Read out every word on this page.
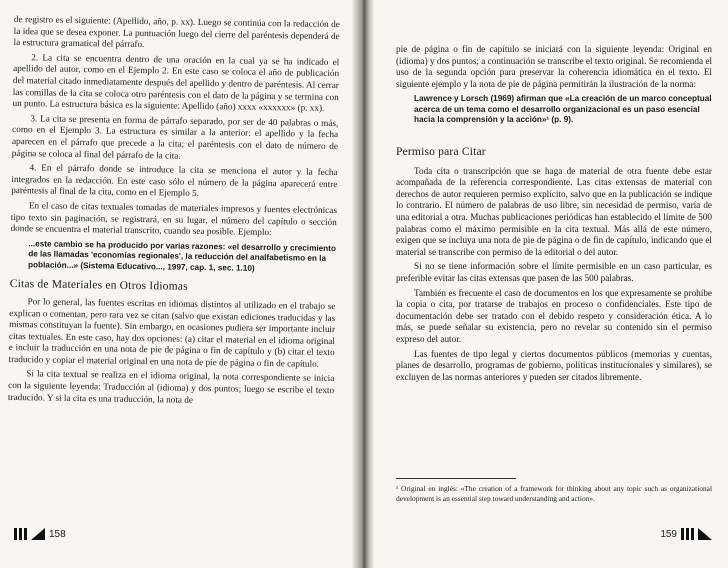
de registro es el siguiente: (Apellido, año, p. xx). Luego se continúa con la redacción de la idea que se desea exponer. La puntuación luego del cierre del paréntesis dependerá de la estructura gramatical del párrafo.

2. La cita se encuentra dentro de una oración en la cual ya se ha indicado el apellido del autor, como en el Ejemplo 2. En este caso se coloca el año de publicación del material citado inmediatamente después del apellido y dentro de paréntesis. Al cerrar las comillas de la cita se coloca otro paréntesis con el dato de la página y se termina con un punto. La estructura básica es la siguiente: Apellido (año) xxxx «xxxxxx» (p. xx).

3. La cita se presenta en forma de párrafo separado, por ser de 40 palabras o más, como en el Ejemplo 3. La estructura es similar a la anterior: el apellido y la fecha aparecen en el párrafo que precede a la cita; el paréntesis con el dato de número de página se coloca al final del párrafo de la cita.

4. En el párrafo donde se introduce la cita se menciona el autor y la fecha integrados en la redacción. En este caso sólo el número de la página aparecerá entre paréntesis al final de la cita, como en el Ejemplo 5.

En el caso de citas textuales tomadas de materiales impresos y fuentes electrónicas tipo texto sin paginación, se registrará, en su lugar, el número del capítulo o sección donde se encuentra el material transcrito, cuando sea posible. Ejemplo:

...este cambio se ha producido por varias razones: «el desarrollo y crecimiento de las llamadas 'economías regionales', la reducción del analfabetismo en la población...» (Sistema Educativo..., 1997, cap. 1, sec. 1.10)
Citas de Materiales en Otros Idiomas

Por lo general, las fuentes escritas en idiomas distintos al utilizado en el trabajo se explican o comentan, pero rara vez se citan (salvo que existan ediciones traducidas y las mismas constituyan la fuente). Sin embargo, en ocasiones pudiera ser importante incluir citas textuales. En este caso, hay dos opciones: (a) citar el material en el idioma original e incluir la traducción en una nota de pie de página o fin de capítulo y (b) citar el texto traducido y copiar el material original en una nota de pie de página o fin de capítulo.

Si la cita textual se realiza en el idioma original, la nota correspondiente se inicia con la siguiente leyenda: Traducción al (idioma) y dos puntos; luego se escribe el texto traducido. Y si la cita es una traducción, la nota de

158

pie de página o fin de capítulo se iniciará con la siguiente leyenda: Original en (idioma) y dos puntos; a continuación se transcribe el texto original. Se recomienda el uso de la segunda opción para preservar la coherencia idiomática en el texto. El siguiente ejemplo y la nota de pie de página permitirán la ilustración de la norma:

Lawrence y Lorsch (1969) afirman que «La creación de un marco conceptual acerca de un tema como el desarrollo organizacional es un paso esencial hacia la comprensión y la acción»¹ (p. 9).
Permiso para Citar

Toda cita o transcripción que se haga de material de otra fuente debe estar acompañada de la referencia correspondiente. Las citas extensas de material con derechos de autor requieren permiso explícito, salvo que en la publicación se indique lo contrario. El número de palabras de uso libre, sin necesidad de permiso, varía de una editorial a otra. Muchas publicaciones periódicas han establecido el límite de 500 palabras como el máximo permisible en la cita textual. Más allá de este número, exigen que se incluya una nota de pie de página o de fin de capítulo, indicando que el material se transcribe con permiso de la editorial o del autor.

Si no se tiene información sobre el límite permisible en un caso particular, es preferible evitar las citas extensas que pasen de las 500 palabras.

También es frecuente el caso de documentos en los que expresamente se prohíbe la copia o cita, por tratarse de trabajos en proceso o confidenciales. Este tipo de documentación debe ser tratado con el debido respeto y consideración ética. A lo más, se puede señalar su existencia, pero no revelar su contenido sin el permiso expreso del autor.

Las fuentes de tipo legal y ciertos documentos públicos (memorias y cuentas, planes de desarrollo, programas de gobierno, políticas institucionales y similares), se excluyen de las normas anteriores y pueden ser citados libremente.

¹ Original en inglés: «The creation of a framework for thinking about any topic such as organizational development is an essential step toward understanding and action».
159
